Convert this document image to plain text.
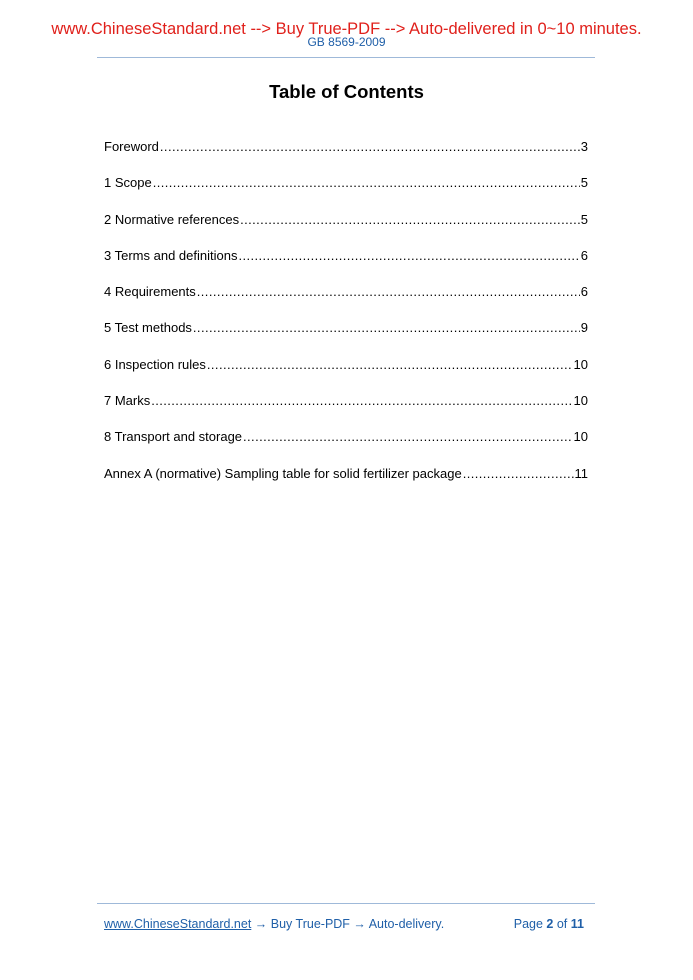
www.ChineseStandard.net --> Buy True-PDF --> Auto-delivered in 0~10 minutes.
GB 8569-2009
Table of Contents
Foreword .....	3
1 Scope .....	5
2 Normative references .....	5
3 Terms and definitions .....	6
4 Requirements .....	6
5 Test methods .....	9
6 Inspection rules .....	10
7 Marks .....	10
8 Transport and storage .....	10
Annex A (normative) Sampling table for solid fertilizer package .....	11
www.ChineseStandard.net → Buy True-PDF → Auto-delivery.	Page 2 of 11
